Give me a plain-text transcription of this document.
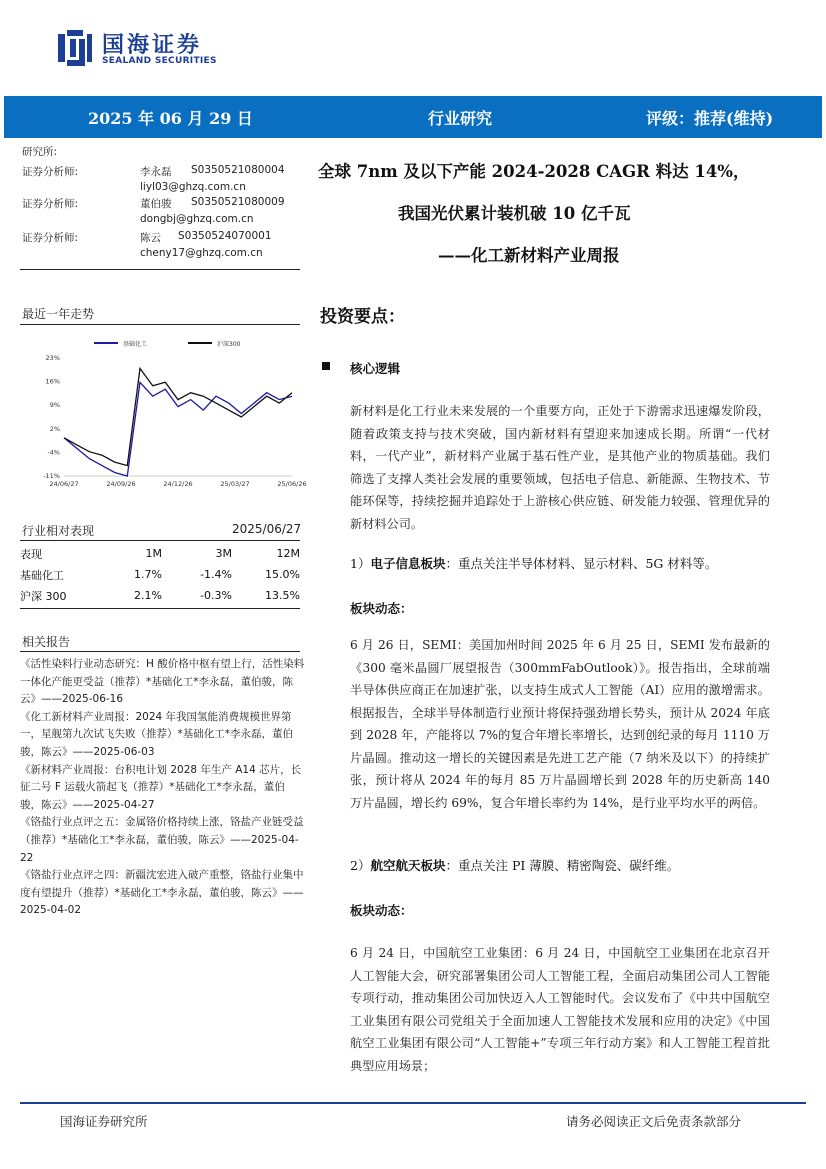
国海证券
SEALAND SECURITIES
2025 年 06 月 29 日	行业研究	评级：推荐(维持)
研究所:
证券分析师:	李永磊 S0350521080004
liyl03@ghzq.com.cn
证券分析师:	董伯骏 S0350521080009
dongbj@ghzq.com.cn
证券分析师:	陈云 S0350524070001
cheny17@ghzq.com.cn
全球 7nm 及以下产能 2024-2028 CAGR 料达 14%，
我国光伏累计装机破 10 亿千瓦
——化工新材料产业周报
最近一年走势
基础化工	沪深300
23%
16%
9%
2%
-4%
-11%
24/06/27	24/09/26	24/12/26	25/03/27	25/06/26
行业相对表现	2025/06/27
表现	1M	3M	12M
基础化工	1.7%	-1.4%	15.0%
沪深 300	2.1%	-0.3%	13.5%
相关报告
《活性染料行业动态研究：H 酸价格中枢有望上行，活性染料一体化产能更受益（推荐）*基础化工*李永磊，董伯骏，陈云》——2025-06-16
《化工新材料产业周报：2024 年我国氢能消费规模世界第一，星舰第九次试飞失败（推荐）*基础化工*李永磊，董伯骏，陈云》——2025-06-03
《新材料产业周报：台积电计划 2028 年生产 A14 芯片，长征二号 F 运载火箭起飞（推荐）*基础化工*李永磊，董伯骏，陈云》——2025-04-27
《铬盐行业点评之五：金属铬价格持续上涨，铬盐产业链受益（推荐）*基础化工*李永磊，董伯骏，陈云》——2025-04-22
《铬盐行业点评之四：新疆沈宏进入破产重整，铬盐行业集中度有望提升（推荐）*基础化工*李永磊，董伯骏，陈云》——2025-04-02
投资要点：
核心逻辑
新材料是化工行业未来发展的一个重要方向，正处于下游需求迅速爆发阶段，随着政策支持与技术突破，国内新材料有望迎来加速成长期。所谓“一代材料，一代产业”，新材料产业属于基石性产业，是其他产业的物质基础。我们筛选了支撑人类社会发展的重要领域，包括电子信息、新能源、生物技术、节能环保等，持续挖掘并追踪处于上游核心供应链、研发能力较强、管理优异的新材料公司。
1）电子信息板块：重点关注半导体材料、显示材料、5G 材料等。
板块动态：
6 月 26 日，SEMI：美国加州时间 2025 年 6 月 25 日，SEMI 发布最新的《300 毫米晶圆厂展望报告（300mmFabOutlook）》。报告指出，全球前端半导体供应商正在加速扩张，以支持生成式人工智能（AI）应用的激增需求。根据报告，全球半导体制造行业预计将保持强劲增长势头，预计从 2024 年底到 2028 年，产能将以 7%的复合年增长率增长，达到创纪录的每月 1110 万片晶圆。推动这一增长的关键因素是先进工艺产能（7 纳米及以下）的持续扩张，预计将从 2024 年的每月 85 万片晶圆增长到 2028 年的历史新高 140 万片晶圆，增长约 69%，复合年增长率约为 14%，是行业平均水平的两倍。
2）航空航天板块：重点关注 PI 薄膜、精密陶瓷、碳纤维。
板块动态：
6 月 24 日，中国航空工业集团：6 月 24 日，中国航空工业集团在北京召开人工智能大会，研究部署集团公司人工智能工程，全面启动集团公司人工智能专项行动，推动集团公司加快迈入人工智能时代。会议发布了《中共中国航空工业集团有限公司党组关于全面加速人工智能技术发展和应用的决定》《中国航空工业集团有限公司“人工智能+”专项三年行动方案》和人工智能工程首批典型应用场景；
国海证券研究所	请务必阅读正文后免责条款部分
